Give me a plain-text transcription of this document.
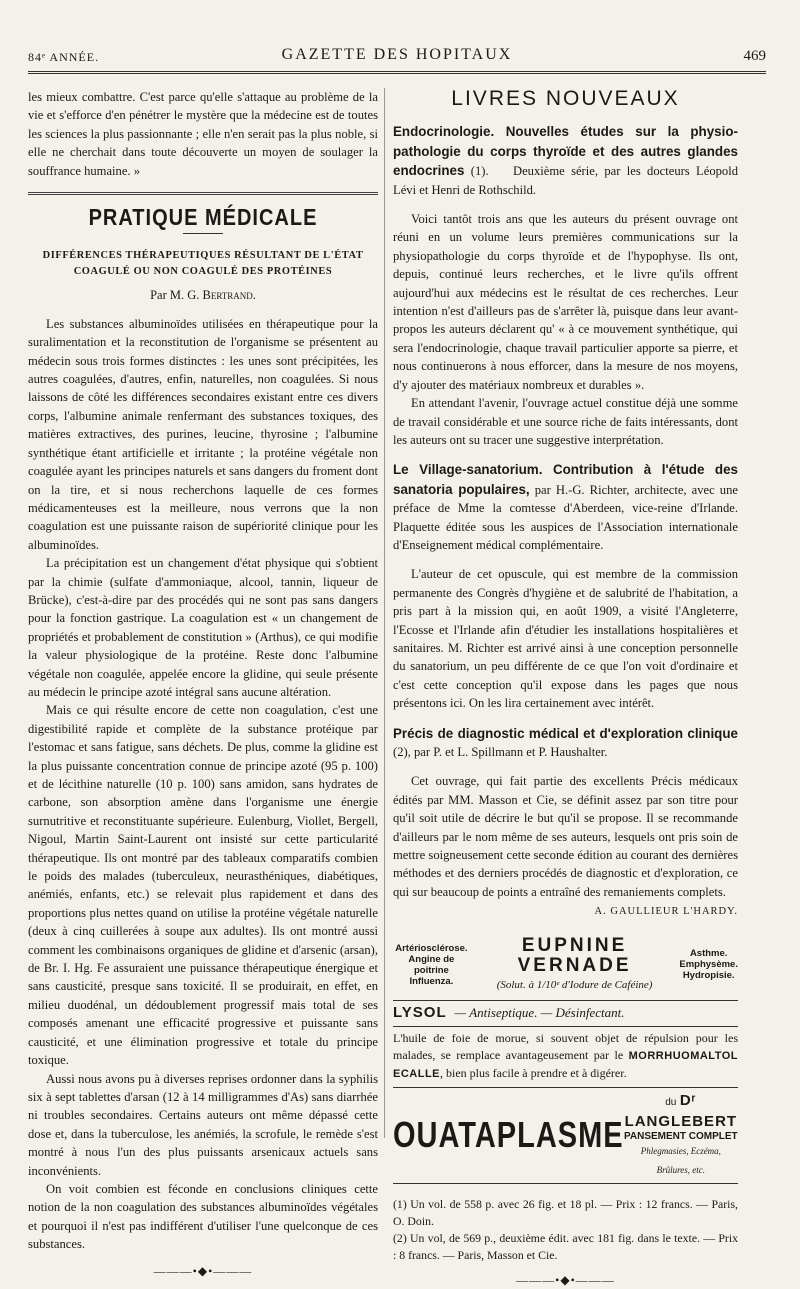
84ᵉ ANNÉE.	GAZETTE DES HOPITAUX	469

les mieux combattre. C'est parce qu'elle s'attaque au problème de la vie et s'efforce d'en pénétrer le mystère que la médecine est de toutes les sciences la plus passionnante ; elle n'en serait pas la plus noble, si elle ne cherchait dans toute découverte un moyen de soulager la souffrance humaine. »

PRATIQUE MÉDICALE
DIFFÉRENCES THÉRAPEUTIQUES RÉSULTANT DE L'ÉTAT
COAGULÉ OU NON COAGULÉ DES PROTÉINES
Par M. G. Bertrand.

Les substances albuminoïdes utilisées en thérapeutique pour la suralimentation et la reconstitution de l'organisme se présentent au médecin sous trois formes distinctes : les unes sont précipitées, les autres coagulées, d'autres, enfin, naturelles, non coagulées. Si nous laissons de côté les différences secondaires existant entre ces divers corps, l'albumine animale renfermant des substances toxiques, des matières extractives, des purines, leucine, thyrosine ; l'albumine synthétique étant artificielle et irritante ; la protéine végétale non coagulée ayant les principes naturels et sans dangers du froment dont on la tire, et si nous recherchons laquelle de ces formes médicamenteuses est la meilleure, nous verrons que la non coagulation est une puissante raison de supériorité clinique pour les albuminoïdes.

La précipitation est un changement d'état physique qui s'obtient par la chimie (sulfate d'ammoniaque, alcool, tannin, liqueur de Brücke), c'est-à-dire par des procédés qui ne sont pas sans dangers pour la fonction gastrique. La coagulation est « un changement de propriétés et probablement de constitution » (Arthus), ce qui modifie la valeur physiologique de la protéine. Reste donc l'albumine végétale non coagulée, appelée encore la glidine, qui seule présente au médecin le principe azoté intégral sans aucune altération.

Mais ce qui résulte encore de cette non coagulation, c'est une digestibilité rapide et complète de la substance protéique par l'estomac et sans fatigue, sans déchets. De plus, comme la glidine est la plus puissante concentration connue de principe azoté (95 p. 100) et de lécithine naturelle (10 p. 100) sans amidon, sans hydrates de carbone, son absorption amène dans l'organisme une énergie surnutritive et reconstituante supérieure. Eulenburg, Viollet, Bergell, Nigoul, Martin Saint-Laurent ont insisté sur cette particularité thérapeutique. Ils ont montré par des tableaux comparatifs combien le poids des malades (tuberculeux, neurasthéniques, diabétiques, anémiés, enfants, etc.) se relevait plus rapidement et dans des proportions plus nettes quand on utilise la protéine végétale naturelle (deux à cinq cuillerées à soupe aux adultes). Ils ont montré aussi comment les combinaisons organiques de glidine et d'arsenic (arsan), de Br. I. Hg. Fe assuraient une puissance thérapeutique énergique et sans causticité, presque sans toxicité. Il se produirait, en effet, en milieu duodénal, un dédoublement progressif mais total de ses composés amenant une efficacité progressive et puissante sans causticité, et une élimination progressive et totale du principe toxique.

Aussi nous avons pu à diverses reprises ordonner dans la syphilis six à sept tablettes d'arsan (12 à 14 milligrammes d'As) sans diarrhée ni troubles secondaires. Certains auteurs ont même dépassé cette dose et, dans la tuberculose, les anémiés, la scrofule, le remède s'est montré à nous l'un des plus puissants arsenicaux actuels sans inconvénients.

On voit combien est féconde en conclusions cliniques cette notion de la non coagulation des substances albuminoïdes végétales et pourquoi il n'est pas indifférent d'utiliser l'une quelconque de ces substances.

———•◆•———
LIVRES NOUVEAUX

Endocrinologie. Nouvelles études sur la physio-pathologie du corps thyroïde et des autres glandes endocrines (1). Deuxième série, par les docteurs Léopold Lévi et Henri de Rothschild.

Voici tantôt trois ans que les auteurs du présent ouvrage ont réuni en un volume leurs premières communications sur la physiopathologie du corps thyroïde et de l'hypophyse. Ils ont, depuis, continué leurs recherches, et le livre qu'ils offrent aujourd'hui aux médecins est le résultat de ces recherches. Leur intention n'est d'ailleurs pas de s'arrêter là, puisque dans leur avant-propos les auteurs déclarent qu' « à ce mouvement synthétique, qui sera l'endocrinologie, chaque travail particulier apporte sa pierre, et nous continuerons à nous efforcer, dans la mesure de nos moyens, d'y ajouter des matériaux nombreux et durables ».

En attendant l'avenir, l'ouvrage actuel constitue déjà une somme de travail considérable et une source riche de faits intéressants, dont les auteurs ont su tracer une suggestive interprétation.

Le Village-sanatorium. Contribution à l'étude des sanatoria populaires, par H.-G. Richter, architecte, avec une préface de Mme la comtesse d'Aberdeen, vice-reine d'Irlande. Plaquette éditée sous les auspices de l'Association internationale d'Enseignement médical complémentaire.

L'auteur de cet opuscule, qui est membre de la commission permanente des Congrès d'hygiène et de salubrité de l'habitation, a pris part à la mission qui, en août 1909, a visité l'Angleterre, l'Ecosse et l'Irlande afin d'étudier les installations hospitalières et sanitaires. M. Richter est arrivé ainsi à une conception personnelle du sanatorium, un peu différente de ce que l'on voit d'ordinaire et c'est cette conception qu'il expose dans les pages que nous présentons ici. On les lira certainement avec intérêt.

Précis de diagnostic médical et d'exploration clinique (2), par P. et L. Spillmann et P. Haushalter.

Cet ouvrage, qui fait partie des excellents Précis médicaux édités par MM. Masson et Cie, se définit assez par son titre pour qu'il soit utile de décrire le but qu'il se propose. Il se recommande d'ailleurs par le nom même de ses auteurs, lesquels ont pris soin de mettre soigneusement cette seconde édition au courant des dernières méthodes et des derniers procédés de diagnostic et d'exploration, ce qui sur beaucoup de points a entraîné des remaniements complets.

A. GAULLIEUR L'HARDY.
Artériosclérose.
Angine de poitrine
Influenza.
EUPNINE VERNADE
(Solut. à 1/10ᵉ d'Iodure de Caféine)
Asthme.
Emphysème.
Hydropisie.
LYSOL — Antiseptique. — Désinfectant.
L'huile de foie de morue, si souvent objet de répulsion pour les malades, se remplace avantageusement par le MORRHUOMALTOL ECALLE, bien plus facile à prendre et à digérer.
OUATAPLASME
du Dʳ LANGLEBERT
PANSEMENT COMPLET
Phlegmasies, Eczéma, Brûlures, etc.

(1) Un vol. de 558 p. avec 26 fig. et 18 pl. — Prix : 12 francs. — Paris, O. Doin.

(2) Un vol, de 569 p., deuxième édit. avec 181 fig. dans le texte. — Prix : 8 francs. — Paris, Masson et Cie.

———•◆•———
